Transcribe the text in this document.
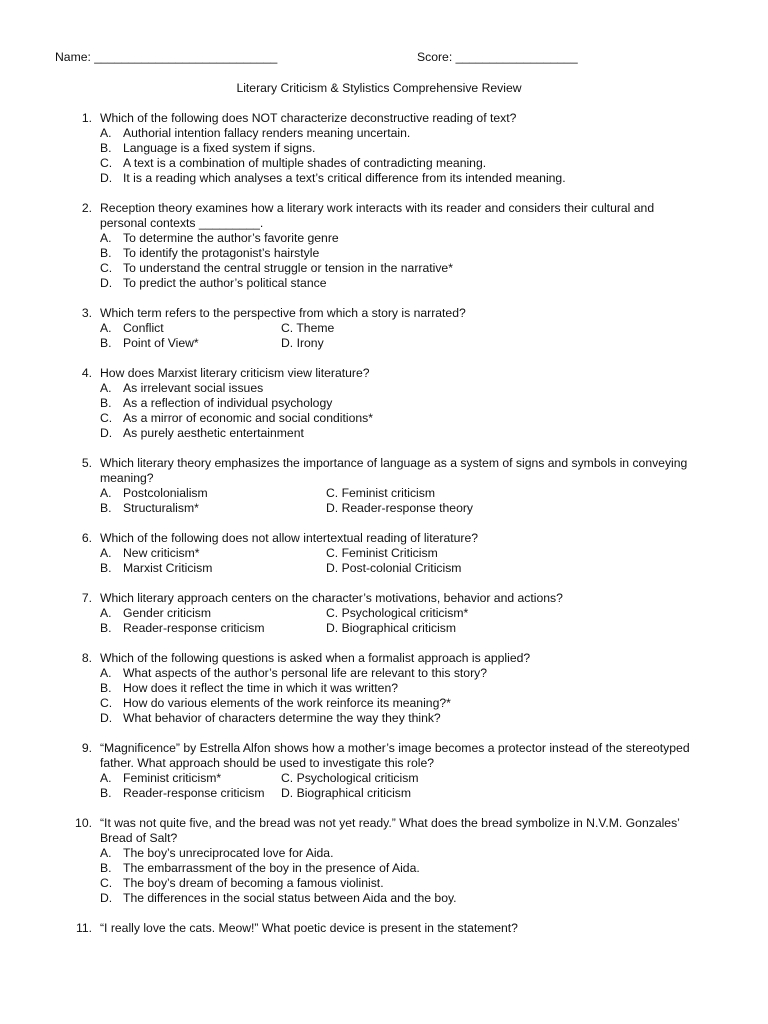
Name: ___________________________	Score: __________________
Literary Criticism & Stylistics Comprehensive Review
1. Which of the following does NOT characterize deconstructive reading of text?
A. Authorial intention fallacy renders meaning uncertain.
B. Language is a fixed system if signs.
C. A text is a combination of multiple shades of contradicting meaning.
D. It is a reading which analyses a text’s critical difference from its intended meaning.
2. Reception theory examines how a literary work interacts with its reader and considers their cultural and personal contexts _________.
A. To determine the author’s favorite genre
B. To identify the protagonist’s hairstyle
C. To understand the central struggle or tension in the narrative*
D. To predict the author’s political stance
3. Which term refers to the perspective from which a story is narrated?
A. Conflict	C. Theme
B. Point of View*	D. Irony
4. How does Marxist literary criticism view literature?
A. As irrelevant social issues
B. As a reflection of individual psychology
C. As a mirror of economic and social conditions*
D. As purely aesthetic entertainment
5. Which literary theory emphasizes the importance of language as a system of signs and symbols in conveying meaning?
A. Postcolonialism	C. Feminist criticism
B. Structuralism*	D. Reader-response theory
6. Which of the following does not allow intertextual reading of literature?
A. New criticism*	C. Feminist Criticism
B. Marxist Criticism	D. Post-colonial Criticism
7. Which literary approach centers on the character’s motivations, behavior and actions?
A. Gender criticism	C. Psychological criticism*
B. Reader-response criticism	D. Biographical criticism
8. Which of the following questions is asked when a formalist approach is applied?
A. What aspects of the author’s personal life are relevant to this story?
B. How does it reflect the time in which it was written?
C. How do various elements of the work reinforce its meaning?*
D. What behavior of characters determine the way they think?
9. “Magnificence” by Estrella Alfon shows how a mother’s image becomes a protector instead of the stereotyped father. What approach should be used to investigate this role?
A. Feminist criticism*	C. Psychological criticism
B. Reader-response criticism D. Biographical criticism
10. “It was not quite five, and the bread was not yet ready.” What does the bread symbolize in N.V.M. Gonzales’ Bread of Salt?
A. The boy’s unreciprocated love for Aida.
B. The embarrassment of the boy in the presence of Aida.
C. The boy’s dream of becoming a famous violinist.
D. The differences in the social status between Aida and the boy.
11. “I really love the cats. Meow!” What poetic device is present in the statement?
